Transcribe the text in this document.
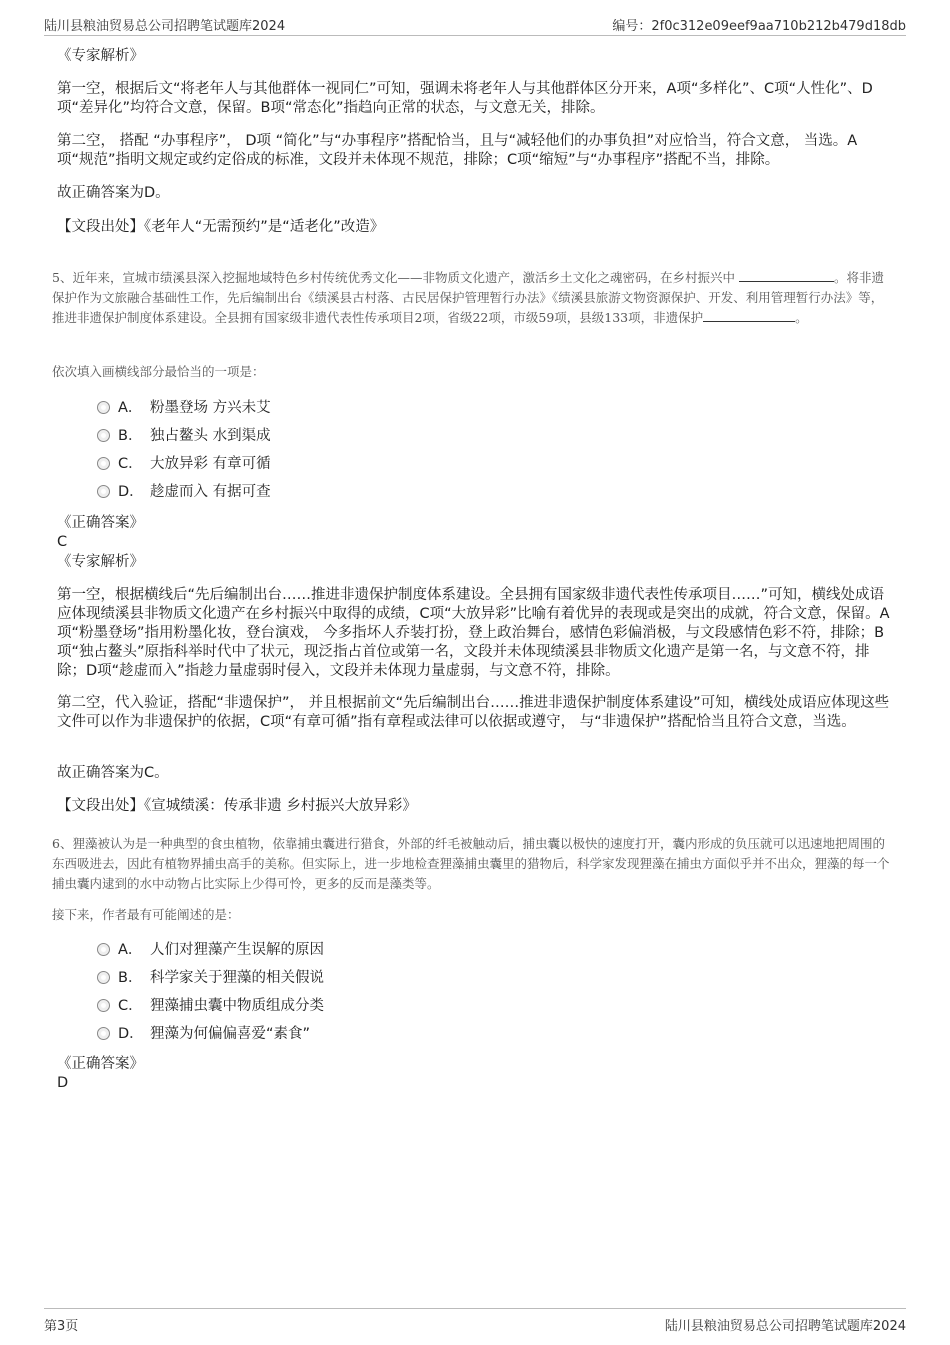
陆川县粮油贸易总公司招聘笔试题库2024	编号：2f0c312e09eef9aa710b212b479d18db
《专家解析》
第一空，根据后文“将老年人与其他群体一视同仁”可知，强调未将老年人与其他群体区分开来，A项“多样化”、C项“人性化”、D项“差异化”均符合文意，保留。B项“常态化”指趋向正常的状态，与文意无关，排除。
第二空， 搭配 “办事程序”， D项 “简化”与“办事程序”搭配恰当，且与“减轻他们的办事负担”对应恰当，符合文意， 当选。A项“规范”指明文规定或约定俗成的标准，文段并未体现不规范，排除；C项“缩短”与“办事程序”搭配不当，排除。
故正确答案为D。
【文段出处】《老年人“无需预约”是“适老化”改造》
5、近年来，宣城市绩溪县深入挖掘地域特色乡村传统优秀文化——非物质文化遗产，激活乡土文化之魂密码，在乡村振兴中	。将非遗保护作为文旅融合基础性工作，先后编制出台《绩溪县古村落、古民居保护管理暂行办法》《绩溪县旅游文物资源保护、开发、利用管理暂行办法》等，推进非遗保护制度体系建设。全县拥有国家级非遗代表性传承项目2项，省级22项，市级59项，县级133项，非遗保护	。
依次填入画横线部分最恰当的一项是：
A． 粉墨登场 方兴未艾
B． 独占鳌头 水到渠成
C． 大放异彩 有章可循
D． 趁虚而入 有据可查
《正确答案》
C
《专家解析》
第一空，根据横线后“先后编制出台……推进非遗保护制度体系建设。全县拥有国家级非遗代表性传承项目……”可知，横线处成语应体现绩溪县非物质文化遗产在乡村振兴中取得的成绩，C项“大放异彩”比喻有着优异的表现或是突出的成就，符合文意，保留。A项“粉墨登场”指用粉墨化妆，登台演戏， 今多指坏人乔装打扮，登上政治舞台，感情色彩偏消极，与文段感情色彩不符，排除；B项“独占鳌头”原指科举时代中了状元，现泛指占首位或第一名，文段并未体现绩溪县非物质文化遗产是第一名，与文意不符，排除；D项“趁虚而入”指趁力量虚弱时侵入，文段并未体现力量虚弱，与文意不符，排除。
第二空，代入验证，搭配“非遗保护”， 并且根据前文“先后编制出台……推进非遗保护制度体系建设”可知，横线处成语应体现这些文件可以作为非遗保护的依据，C项“有章可循”指有章程或法律可以依据或遵守， 与“非遗保护”搭配恰当且符合文意，当选。
故正确答案为C。
【文段出处】《宣城绩溪：传承非遗 乡村振兴大放异彩》
6、狸藻被认为是一种典型的食虫植物，依靠捕虫囊进行猎食，外部的纤毛被触动后，捕虫囊以极快的速度打开，囊内形成的负压就可以迅速地把周围的东西吸进去，因此有植物界捕虫高手的美称。但实际上，进一步地检查狸藻捕虫囊里的猎物后，科学家发现狸藻在捕虫方面似乎并不出众，狸藻的每一个捕虫囊内逮到的水中动物占比实际上少得可怜，更多的反而是藻类等。
接下来，作者最有可能阐述的是：
A． 人们对狸藻产生误解的原因
B． 科学家关于狸藻的相关假说
C． 狸藻捕虫囊中物质组成分类
D． 狸藻为何偏偏喜爱“素食”
《正确答案》
D
第3页	陆川县粮油贸易总公司招聘笔试题库2024
